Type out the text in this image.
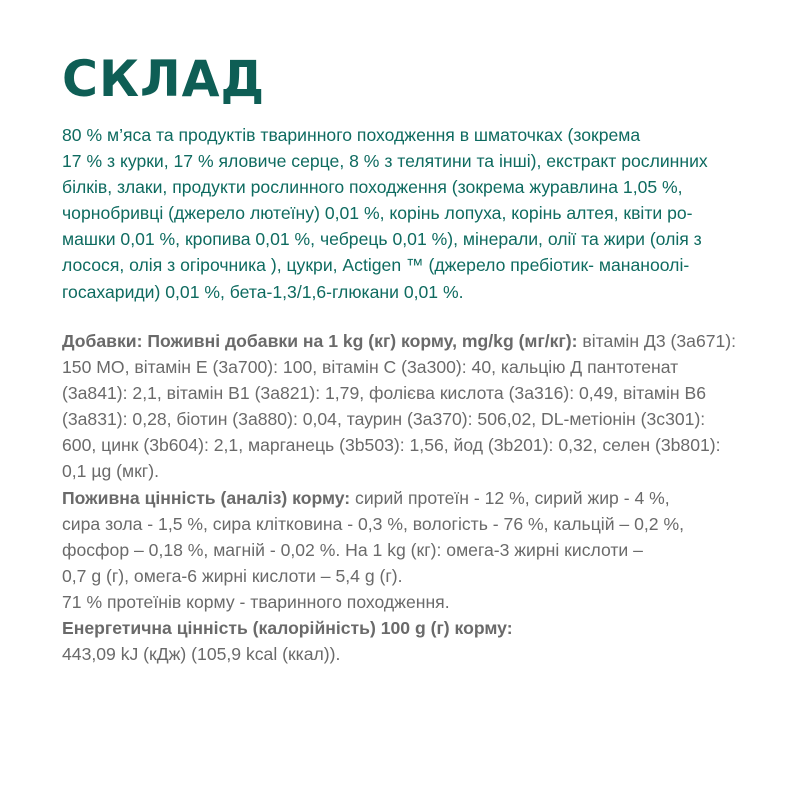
СКЛАД
80 % м’яса та продуктів тваринного походження в шматочках (зокрема
17 % з курки, 17 % яловиче серце, 8 % з телятини та інші), екстракт рослинних
білків, злаки, продукти рослинного походження (зокрема журавлина 1,05 %,
чорнобривці (джерело лютеїну) 0,01 %, корінь лопуха, корінь алтея, квіти ро-
машки 0,01 %, кропива 0,01 %, чебрець 0,01 %), мінерали, олії та жири (олія з
лосося, олія з огірочника ), цукри, Actigen ™ (джерело пребіотик- мананоолі-
госахариди) 0,01 %, бета-1,3/1,6-глюкани 0,01 %.
Добавки: Поживні добавки на 1 kg (кг) корму, mg/kg (мг/кг): вітамін Д3 (3а671):
150 МО, вітамін Е (3а700): 100, вітамін С (3а300): 40, кальцію Д пантотенат
(3а841): 2,1, вітамін В1 (3а821): 1,79, фолієва кислота (3а316): 0,49, вітамін В6
(3а831): 0,28, біотин (3а880): 0,04, таурин (3а370): 506,02, DL-метіонін (3с301):
600, цинк (3b604): 2,1, марганець (3b503): 1,56, йод (3b201): 0,32, селен (3b801):
0,1 µg (мкг).
Поживна цінність (аналіз) корму: сирий протеїн - 12 %, сирий жир - 4 %,
сира зола - 1,5 %, сира клітковина - 0,3 %, вологість - 76 %, кальцій – 0,2 %,
фосфор – 0,18 %, магній - 0,02 %. На 1 kg (кг): омега-3 жирні кислоти –
0,7 g (г), омега-6 жирні кислоти – 5,4 g (г).
71 % протеїнів корму - тваринного походження.
Енергетична цінність (калорійність) 100 g (г) корму:
443,09 kJ (кДж) (105,9 kcal (ккал)).
